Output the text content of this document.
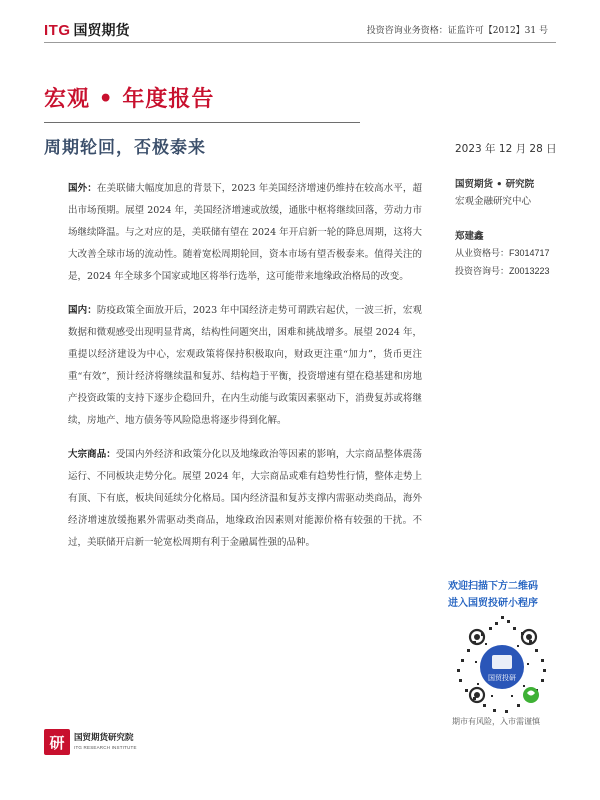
ITG 国贸期货	投资咨询业务资格：证监许可【2012】31 号
宏观 • 年度报告
周期轮回，否极泰来	2023 年 12 月 28 日

国外：在美联储大幅度加息的背景下，2023 年美国经济增速仍维持在较高水平，超出市场预期。展望 2024 年，美国经济增速或放缓，通胀中枢将继续回落，劳动力市场继续降温。与之对应的是，美联储有望在 2024 年开启新一轮的降息周期，这将大大改善全球市场的流动性。随着宽松周期轮回，资本市场有望否极泰来。值得关注的是，2024 年全球多个国家或地区将举行选举，这可能带来地缘政治格局的改变。

国内：防疫政策全面放开后，2023 年中国经济走势可谓跌宕起伏，一波三折，宏观数据和微观感受出现明显背离，结构性问题突出，困难和挑战增多。展望 2024 年，重提以经济建设为中心，宏观政策将保持积极取向，财政更注重“加力”，货币更注重“有效”，预计经济将继续温和复苏、结构趋于平衡，投资增速有望在稳基建和房地产投资政策的支持下逐步企稳回升，在内生动能与政策因素驱动下，消费复苏或将继续，房地产、地方债务等风险隐患将逐步得到化解。

大宗商品：受国内外经济和政策分化以及地缘政治等因素的影响，大宗商品整体震荡运行、不同板块走势分化。展望 2024 年，大宗商品或难有趋势性行情，整体走势上有顶、下有底，板块间延续分化格局。国内经济温和复苏支撑内需驱动类商品，海外经济增速放缓拖累外需驱动类商品，地缘政治因素则对能源价格有较强的干扰。不过，美联储开启新一轮宽松周期有利于金融属性强的品种。

国贸期货 • 研究院
宏观金融研究中心
郑建鑫
从业资格号：F3014717
投资咨询号：Z0013223
欢迎扫描下方二维码
进入国贸投研小程序
国贸投研
期市有风险，入市需谨慎
研	国贸期货研究院
ITG RESEARCH INSTITUTE
